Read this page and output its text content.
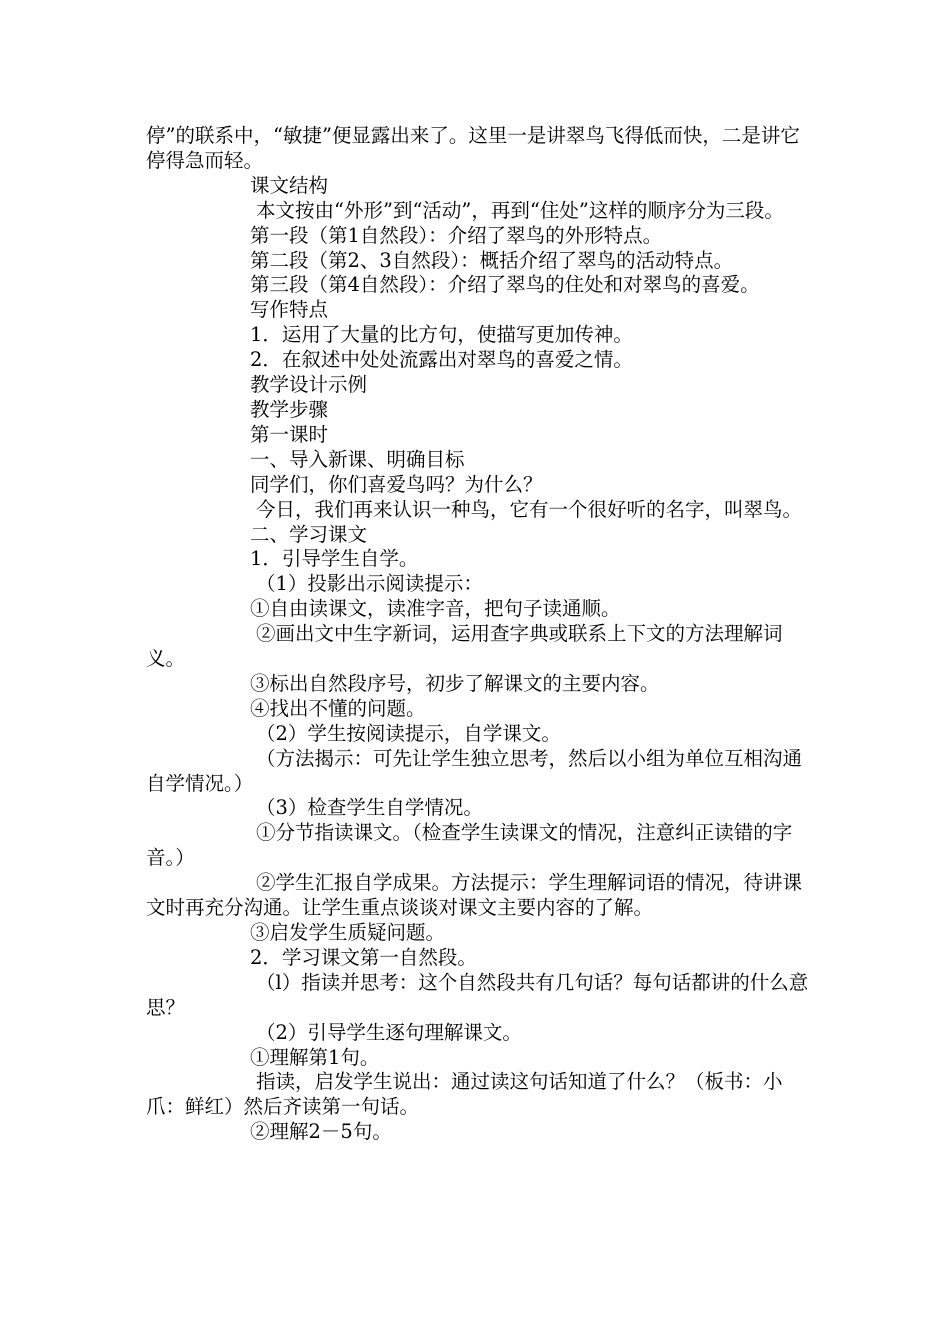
停”的联系中，“敏捷”便显露出来了。这里一是讲翠鸟飞得低而快，二是讲它停得急而轻。

课文结构

本文按由“外形”到“活动”，再到“住处”这样的顺序分为三段。

第一段（第1自然段）：介绍了翠鸟的外形特点。

第二段（第2、3自然段）：概括介绍了翠鸟的活动特点。

第三段（第4自然段）：介绍了翠鸟的住处和对翠鸟的喜爱。

写作特点

1．运用了大量的比方句，使描写更加传神。

2．在叙述中处处流露出对翠鸟的喜爱之情。

教学设计示例

教学步骤

第一课时

一、导入新课、明确目标

同学们，你们喜爱鸟吗？为什么？

今日，我们再来认识一种鸟，它有一个很好听的名字，叫翠鸟。

二、学习课文

1．引导学生自学。

（1）投影出示阅读提示：

①自由读课文，读准字音，把句子读通顺。

②画出文中生字新词，运用查字典或联系上下文的方法理解词义。

③标出自然段序号，初步了解课文的主要内容。

④找出不懂的问题。

（2）学生按阅读提示，自学课文。

（方法揭示：可先让学生独立思考，然后以小组为单位互相沟通自学情况。）

（3）检查学生自学情况。

①分节指读课文。（检查学生读课文的情况，注意纠正读错的字音。）

②学生汇报自学成果。方法提示：学生理解词语的情况，待讲课文时再充分沟通。让学生重点谈谈对课文主要内容的了解。

③启发学生质疑问题。

2．学习课文第一自然段。

（l）指读并思考：这个自然段共有几句话？每句话都讲的什么意思？

（2）引导学生逐句理解课文。

①理解第1句。

指读，启发学生说出：通过读这句话知道了什么？（板书：小爪：鲜红）然后齐读第一句话。

②理解2－5句。
